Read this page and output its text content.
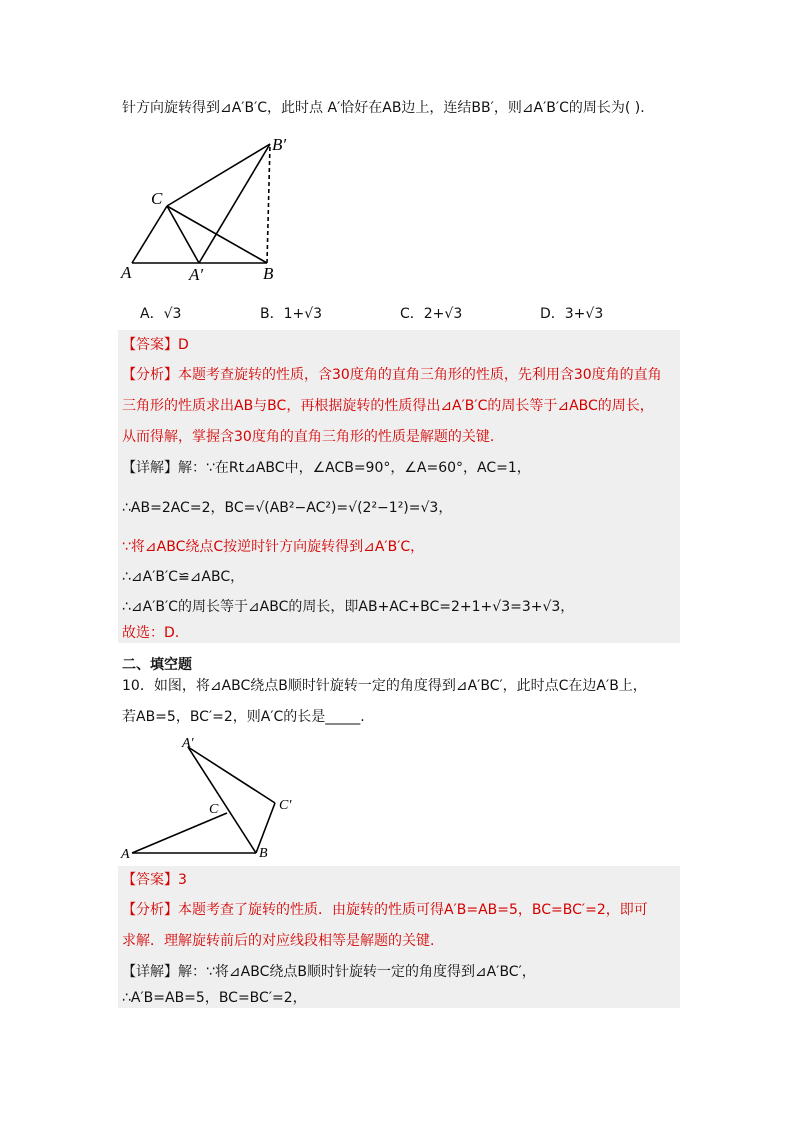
针方向旋转得到⊿A′B′C，此时点 A′恰好在AB边上，连结BB′，则⊿A′B′C的周长为( ).
C
B′
A	A′	B
A．√3	B．1+√3	C．2+√3	D．3+√3
【答案】D
【分析】本题考查旋转的性质，含30度角的直角三角形的性质，先利用含30度角的直角
三角形的性质求出AB与BC，再根据旋转的性质得出⊿A′B′C的周长等于⊿ABC的周长，
从而得解，掌握含30度角的直角三角形的性质是解题的关键.
【详解】解：∵在Rt⊿ABC中，∠ACB=90°，∠A=60°，AC=1，
∴AB=2AC=2，BC=√(AB²−AC²)=√(2²−1²)=√3，
∵将⊿ABC绕点C按逆时针方向旋转得到⊿A′B′C，
∴⊿A′B′C≌⊿ABC，
∴⊿A′B′C的周长等于⊿ABC的周长，即AB+AC+BC=2+1+√3=3+√3，
故选：D.
二、填空题
10．如图，将⊿ABC绕点B顺时针旋转一定的角度得到⊿A′BC′，此时点C在边A′B上，
若AB=5，BC′=2，则A′C的长是_____.
A′
C	C′
A	B
【答案】3
【分析】本题考查了旋转的性质．由旋转的性质可得A′B=AB=5，BC=BC′=2，即可
求解．理解旋转前后的对应线段相等是解题的关键.
【详解】解：∵将⊿ABC绕点B顺时针旋转一定的角度得到⊿A′BC′，
∴A′B=AB=5，BC=BC′=2，
